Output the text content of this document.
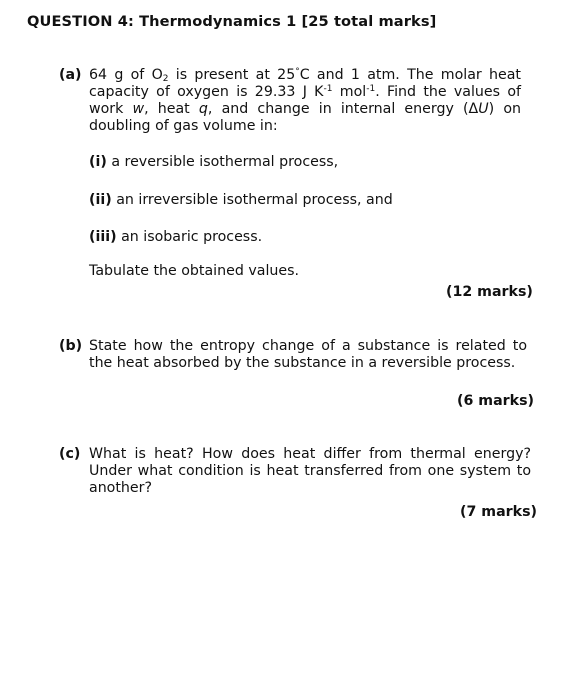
QUESTION 4: Thermodynamics 1 [25 total marks]
(a) 64 g of $O_2$ is present at 25°C and 1 atm. The molar heat capacity of oxygen is 29.33 J $K^{-1}$ mol$^{-1}$. Find the values of work w, heat q, and change in internal energy (ΔU) on doubling of gas volume in:
(i) a reversible isothermal process,
(ii) an irreversible isothermal process, and
(iii) an isobaric process.
Tabulate the obtained values.
(12 marks)
(b) State how the entropy change of a substance is related to the heat absorbed by the substance in a reversible process.
(6 marks)
(c) What is heat? How does heat differ from thermal energy? Under what condition is heat transferred from one system to another?
(7 marks)
